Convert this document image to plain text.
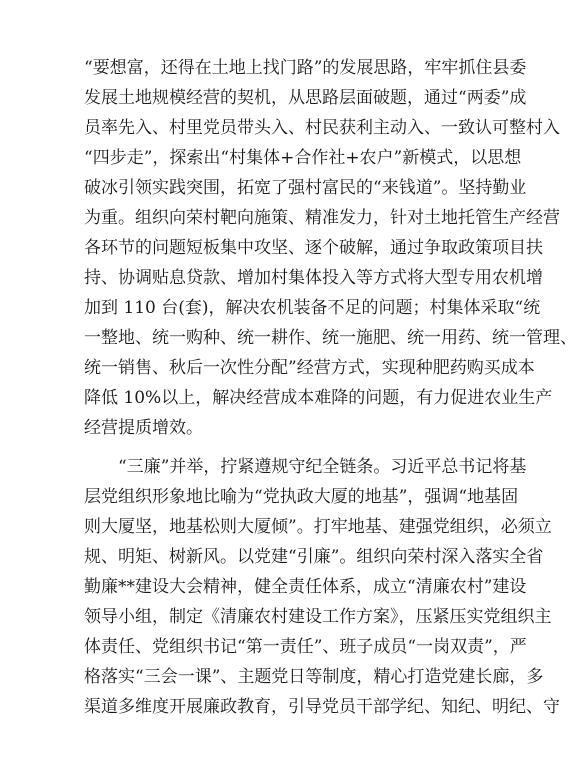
“要想富，还得在土地上找门路”的发展思路，牢牢抓住县委
发展土地规模经营的契机，从思路层面破题，通过“两委”成
员率先入、村里党员带头入、村民获利主动入、一致认可整村入
“四步走”，探索出“村集体+合作社+农户”新模式，以思想
破冰引领实践突围，拓宽了强村富民的“来钱道”。坚持勤业
为重。组织向荣村靶向施策、精准发力，针对土地托管生产经营
各环节的问题短板集中攻坚、逐个破解，通过争取政策项目扶
持、协调贴息贷款、增加村集体投入等方式将大型专用农机增
加到 110 台(套)，解决农机装备不足的问题；村集体采取“统
一整地、统一购种、统一耕作、统一施肥、统一用药、统一管理、
统一销售、秋后一次性分配”经营方式，实现种肥药购买成本
降低 10%以上，解决经营成本难降的问题，有力促进农业生产
经营提质增效。
“三廉”并举，拧紧遵规守纪全链条。习近平总书记将基
层党组织形象地比喻为“党执政大厦的地基”，强调“地基固
则大厦坚，地基松则大厦倾”。打牢地基、建强党组织，必须立
规、明矩、树新风。以党建“引廉”。组织向荣村深入落实全省
勤廉**建设大会精神，健全责任体系，成立“清廉农村”建设
领导小组，制定《清廉农村建设工作方案》，压紧压实党组织主
体责任、党组织书记“第一责任”、班子成员“一岗双责”，严
格落实“三会一课”、主题党日等制度，精心打造党建长廊，多
渠道多维度开展廉政教育，引导党员干部学纪、知纪、明纪、守
